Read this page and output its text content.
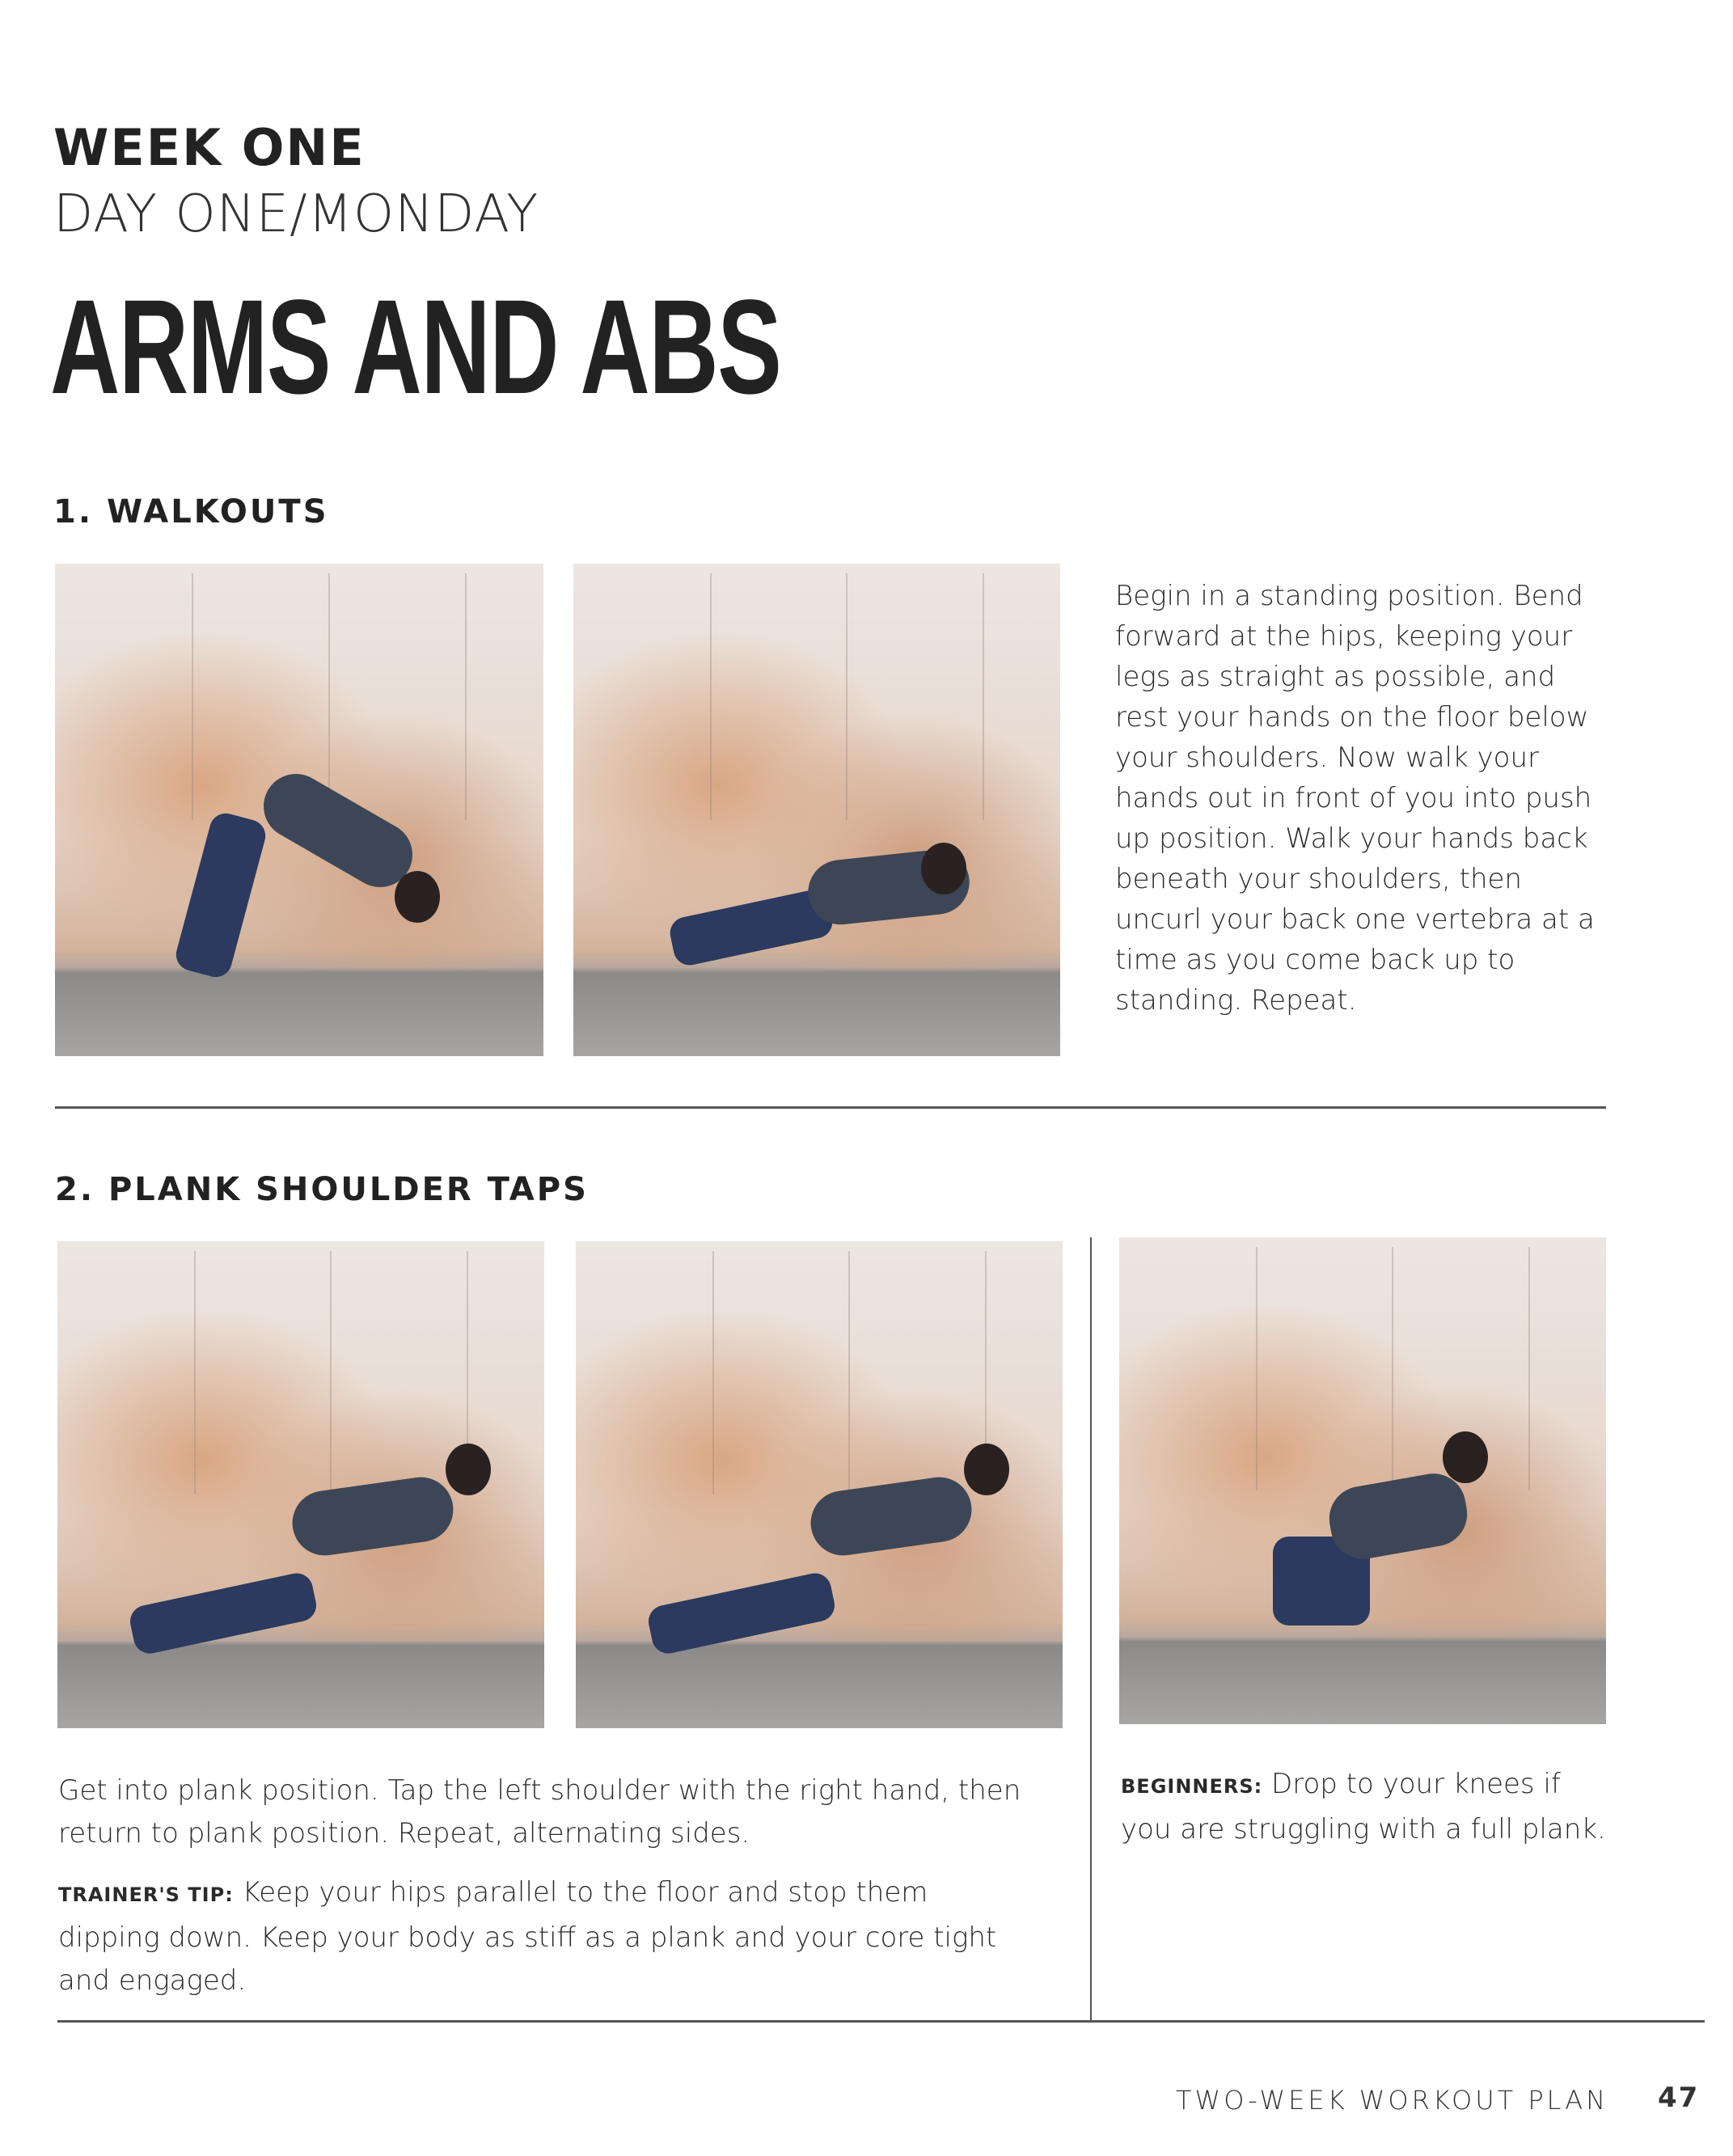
WEEK ONE
DAY ONE/MONDAY
ARMS AND ABS
1. WALKOUTS
Begin in a standing position. Bend forward at the hips, keeping your legs as straight as possible, and rest your hands on the floor below your shoulders. Now walk your hands out in front of you into push up position. Walk your hands back beneath your shoulders, then uncurl your back one vertebra at a time as you come back up to standing. Repeat.
2. PLANK SHOULDER TAPS
Get into plank position. Tap the left shoulder with the right hand, then return to plank position. Repeat, alternating sides.
TRAINER'S TIP: Keep your hips parallel to the floor and stop them dipping down. Keep your body as stiff as a plank and your core tight and engaged.
BEGINNERS: Drop to your knees if you are struggling with a full plank.
TWO-WEEK WORKOUT PLAN 47
